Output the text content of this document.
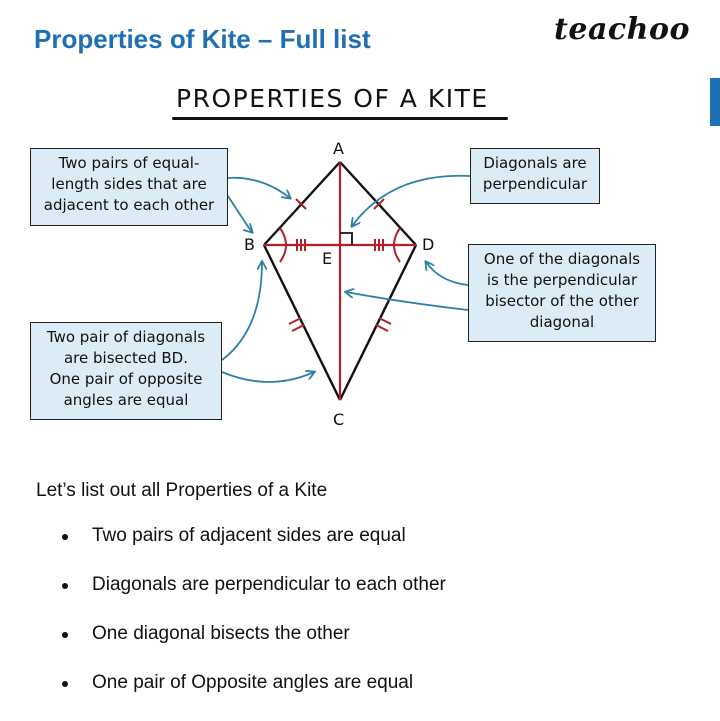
Properties of Kite – Full list	teachoo
PROPERTIES OF A KITE
A
B	D
E
C
Two pairs of equal-
length sides that are
adjacent to each other
Diagonals are
perpendicular
One of the diagonals
is the perpendicular
bisector of the other
diagonal
Two pair of diagonals
are bisected BD.
One pair of opposite
angles are equal
Let’s list out all Properties of a Kite
Two pairs of adjacent sides are equal
Diagonals are perpendicular to each other
One diagonal bisects the other
One pair of Opposite angles are equal
